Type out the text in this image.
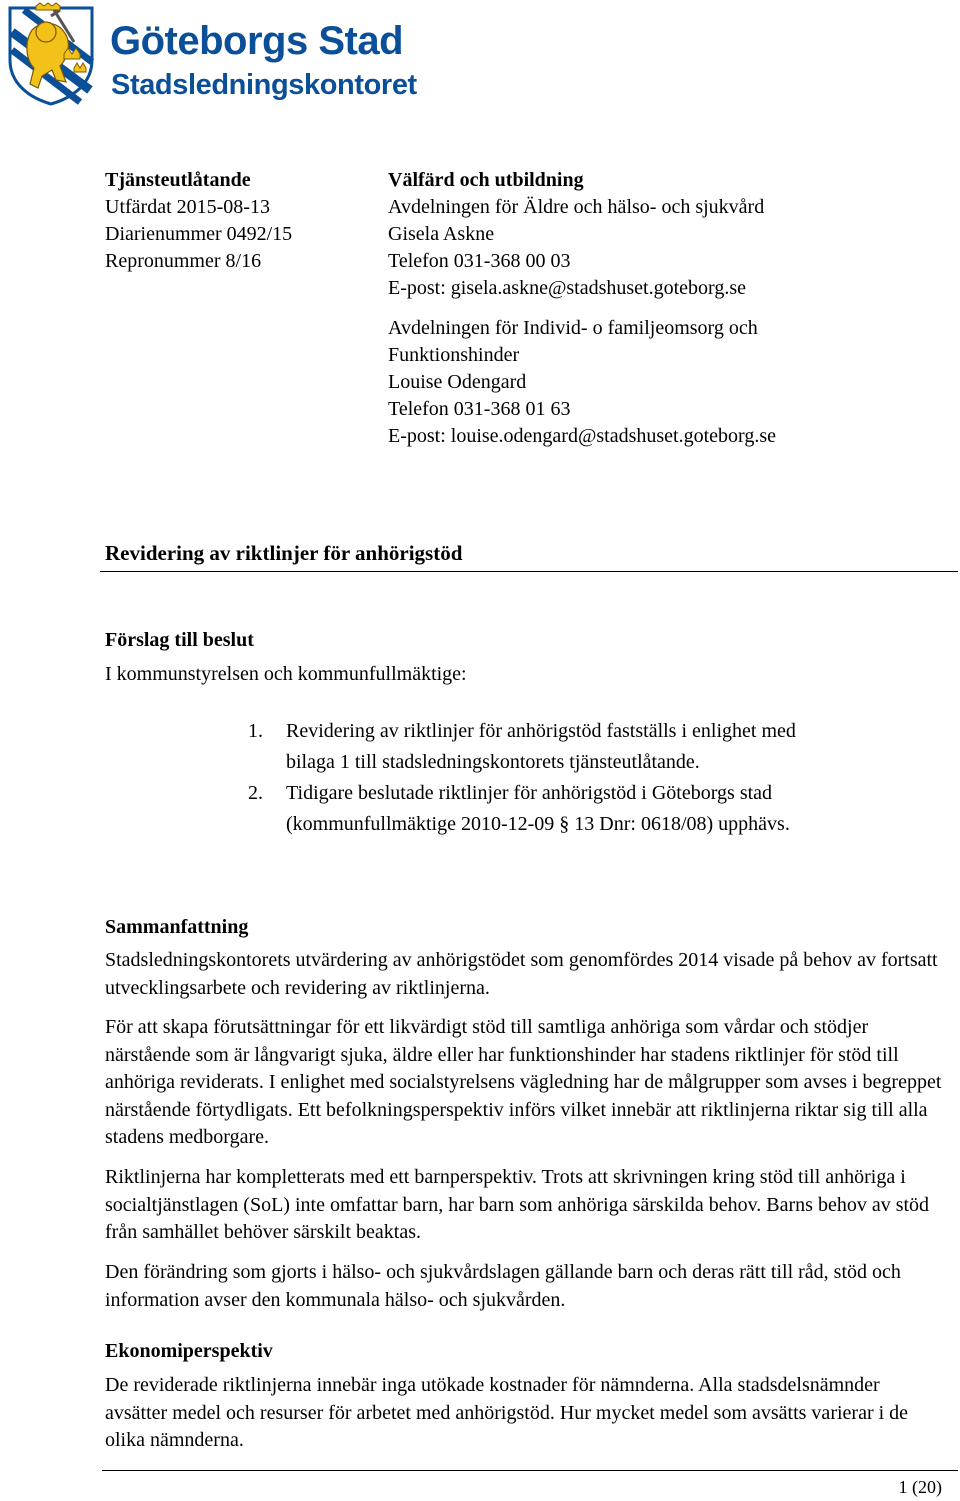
Göteborgs Stad
Stadsledningskontoret
Tjänsteutlåtande
Utfärdat 2015-08-13
Diarienummer 0492/15
Repronummer 8/16
Välfärd och utbildning
Avdelningen för Äldre och hälso- och sjukvård
Gisela Askne
Telefon 031-368 00 03
E-post: gisela.askne@stadshuset.goteborg.se
Avdelningen för Individ- o familjeomsorg och
Funktionshinder
Louise Odengard
Telefon 031-368 01 63
E-post: louise.odengard@stadshuset.goteborg.se
Revidering av riktlinjer för anhörigstöd
Förslag till beslut
I kommunstyrelsen och kommunfullmäktige:
1. Revidering av riktlinjer för anhörigstöd fastställs i enlighet med
bilaga 1 till stadsledningskontorets tjänsteutlåtande.
2. Tidigare beslutade riktlinjer för anhörigstöd i Göteborgs stad
(kommunfullmäktige 2010-12-09 § 13 Dnr: 0618/08) upphävs.
Sammanfattning
Stadsledningskontorets utvärdering av anhörigstödet som genomfördes 2014 visade på behov av fortsatt utvecklingsarbete och revidering av riktlinjerna.
För att skapa förutsättningar för ett likvärdigt stöd till samtliga anhöriga som vårdar och stödjer närstående som är långvarigt sjuka, äldre eller har funktionshinder har stadens riktlinjer för stöd till anhöriga reviderats. I enlighet med socialstyrelsens vägledning har de målgrupper som avses i begreppet närstående förtydligats. Ett befolkningsperspektiv införs vilket innebär att riktlinjerna riktar sig till alla stadens medborgare.
Riktlinjerna har kompletterats med ett barnperspektiv. Trots att skrivningen kring stöd till anhöriga i socialtjänstlagen (SoL) inte omfattar barn, har barn som anhöriga särskilda behov. Barns behov av stöd från samhället behöver särskilt beaktas.
Den förändring som gjorts i hälso- och sjukvårdslagen gällande barn och deras rätt till råd, stöd och information avser den kommunala hälso- och sjukvården.
Ekonomiperspektiv
De reviderade riktlinjerna innebär inga utökade kostnader för nämnderna. Alla stadsdelsnämnder avsätter medel och resurser för arbetet med anhörigstöd. Hur mycket medel som avsätts varierar i de olika nämnderna.
1 (20)
